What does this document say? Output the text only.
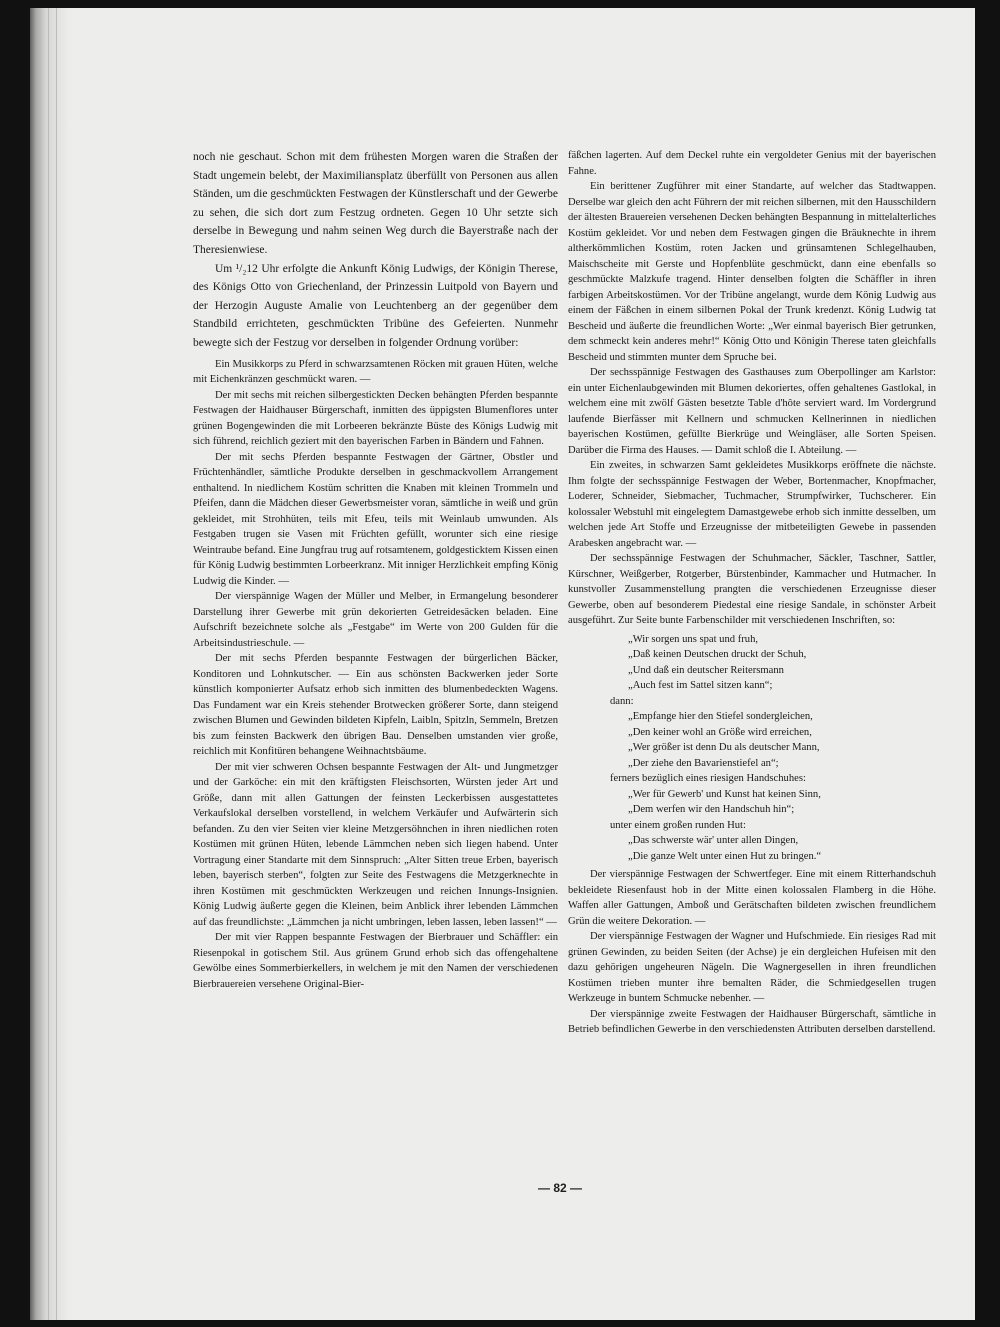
noch nie geschaut. Schon mit dem frühesten Morgen waren die Straßen der Stadt ungemein belebt, der Maximiliansplatz überfüllt von Personen aus allen Ständen, um die geschmückten Festwagen der Künstlerschaft und der Gewerbe zu sehen, die sich dort zum Festzug ordneten. Gegen 10 Uhr setzte sich derselbe in Bewegung und nahm seinen Weg durch die Bayerstraße nach der Theresienwiese.

Um ¹/₂12 Uhr erfolgte die Ankunft König Ludwigs, der Königin Therese, des Königs Otto von Griechenland, der Prinzessin Luitpold von Bayern und der Herzogin Auguste Amalie von Leuchtenberg an der gegenüber dem Standbild errichteten, geschmückten Tribüne des Gefeierten. Nunmehr bewegte sich der Festzug vor derselben in folgender Ordnung vorüber:

Ein Musikkorps zu Pferd in schwarzsamtenen Röcken mit grauen Hüten, welche mit Eichenkränzen geschmückt waren. —

Der mit sechs mit reichen silbergestickten Decken behängten Pferden bespannte Festwagen der Haidhauser Bürgerschaft, inmitten des üppigsten Blumenflores unter grünen Bogengewinden die mit Lorbeeren bekränzte Büste des Königs Ludwig mit sich führend, reichlich geziert mit den bayerischen Farben in Bändern und Fahnen.

Der mit sechs Pferden bespannte Festwagen der Gärtner, Obstler und Früchtenhändler, sämtliche Produkte derselben in geschmackvollem Arrangement enthaltend. In niedlichem Kostüm schritten die Knaben mit kleinen Trommeln und Pfeifen, dann die Mädchen dieser Gewerbsmeister voran, sämtliche in weiß und grün gekleidet, mit Strohhüten, teils mit Efeu, teils mit Weinlaub umwunden. Als Festgaben trugen sie Vasen mit Früchten gefüllt, worunter sich eine riesige Weintraube befand. Eine Jungfrau trug auf rotsamtenem, goldgesticktem Kissen einen für König Ludwig bestimmten Lorbeerkranz. Mit inniger Herzlichkeit empfing König Ludwig die Kinder. —

Der vierspännige Wagen der Müller und Melber, in Ermangelung besonderer Darstellung ihrer Gewerbe mit grün dekorierten Getreidesäcken beladen. Eine Aufschrift bezeichnete solche als „Festgabe“ im Werte von 200 Gulden für die Arbeitsindustrieschule. —

Der mit sechs Pferden bespannte Festwagen der bürgerlichen Bäcker, Konditoren und Lohnkutscher. — Ein aus schönsten Backwerken jeder Sorte künstlich komponierter Aufsatz erhob sich inmitten des blumenbedeckten Wagens. Das Fundament war ein Kreis stehender Brotwecken größerer Sorte, dann steigend zwischen Blumen und Gewinden bildeten Kipfeln, Laibln, Spitzln, Semmeln, Bretzen bis zum feinsten Backwerk den übrigen Bau. Denselben umstanden vier große, reichlich mit Konfitüren behangene Weihnachtsbäume.

Der mit vier schweren Ochsen bespannte Festwagen der Alt- und Jungmetzger und der Garköche: ein mit den kräftigsten Fleischsorten, Würsten jeder Art und Größe, dann mit allen Gattungen der feinsten Leckerbissen ausgestattetes Verkaufslokal derselben vorstellend, in welchem Verkäufer und Aufwärterin sich befanden. Zu den vier Seiten vier kleine Metzgersöhnchen in ihren niedlichen roten Kostümen mit grünen Hüten, lebende Lämmchen neben sich liegen habend. Unter Vortragung einer Standarte mit dem Sinnspruch: „Alter Sitten treue Erben, bayerisch leben, bayerisch sterben“, folgten zur Seite des Festwagens die Metzgerknechte in ihren Kostümen mit geschmückten Werkzeugen und reichen Innungs-Insignien. König Ludwig äußerte gegen die Kleinen, beim Anblick ihrer lebenden Lämmchen auf das freundlichste: „Lämmchen ja nicht umbringen, leben lassen, leben lassen!“ —

Der mit vier Rappen bespannte Festwagen der Bierbrauer und Schäffler: ein Riesenpokal in gotischem Stil. Aus grünem Grund erhob sich das offengehaltene Gewölbe eines Sommerbierkellers, in welchem je mit den Namen der verschiedenen Bierbrauereien versehene Original-Bier-

fäßchen lagerten. Auf dem Deckel ruhte ein vergoldeter Genius mit der bayerischen Fahne.

Ein berittener Zugführer mit einer Standarte, auf welcher das Stadtwappen. Derselbe war gleich den acht Führern der mit reichen silbernen, mit den Hausschildern der ältesten Brauereien versehenen Decken behängten Bespannung in mittelalterliches Kostüm gekleidet. Vor und neben dem Festwagen gingen die Bräuknechte in ihrem altherkömmlichen Kostüm, roten Jacken und grünsamtenen Schlegelhauben, Maischscheite mit Gerste und Hopfenblüte geschmückt, dann eine ebenfalls so geschmückte Malzkufe tragend. Hinter denselben folgten die Schäffler in ihren farbigen Arbeitskostümen. Vor der Tribüne angelangt, wurde dem König Ludwig aus einem der Fäßchen in einem silbernen Pokal der Trunk kredenzt. König Ludwig tat Bescheid und äußerte die freundlichen Worte: „Wer einmal bayerisch Bier getrunken, dem schmeckt kein anderes mehr!“ König Otto und Königin Therese taten gleichfalls Bescheid und stimmten munter dem Spruche bei.

Der sechsspännige Festwagen des Gasthauses zum Oberpollinger am Karlstor: ein unter Eichenlaubgewinden mit Blumen dekoriertes, offen gehaltenes Gastlokal, in welchem eine mit zwölf Gästen besetzte Table d'hôte serviert ward. Im Vordergrund laufende Bierfässer mit Kellnern und schmucken Kellnerinnen in niedlichen bayerischen Kostümen, gefüllte Bierkrüge und Weingläser, alle Sorten Speisen. Darüber die Firma des Hauses. — Damit schloß die I. Abteilung. —

Ein zweites, in schwarzen Samt gekleidetes Musikkorps eröffnete die nächste. Ihm folgte der sechsspännige Festwagen der Weber, Bortenmacher, Knopfmacher, Loderer, Schneider, Siebmacher, Tuchmacher, Strumpfwirker, Tuchscherer. Ein kolossaler Webstuhl mit eingelegtem Damastgewebe erhob sich inmitte desselben, um welchen jede Art Stoffe und Erzeugnisse der mitbeteiligten Gewebe in passenden Arabesken angebracht war. —

Der sechsspännige Festwagen der Schuhmacher, Säckler, Taschner, Sattler, Kürschner, Weißgerber, Rotgerber, Bürstenbinder, Kammacher und Hutmacher. In kunstvoller Zusammenstellung prangten die verschiedenen Erzeugnisse dieser Gewerbe, oben auf besonderem Piedestal eine riesige Sandale, in schönster Arbeit ausgeführt. Zur Seite bunte Farbenschilder mit verschiedenen Inschriften, so:

„Wir sorgen uns spat und fruh,
„Daß keinen Deutschen druckt der Schuh,
„Und daß ein deutscher Reitersmann
„Auch fest im Sattel sitzen kann“;
dann:
„Empfange hier den Stiefel sondergleichen,
„Den keiner wohl an Größe wird erreichen,
„Wer größer ist denn Du als deutscher Mann,
„Der ziehe den Bavarienstiefel an“;
ferners bezüglich eines riesigen Handschuhes:
„Wer für Gewerb' und Kunst hat keinen Sinn,
„Dem werfen wir den Handschuh hin“;
unter einem großen runden Hut:
„Das schwerste wär' unter allen Dingen,
„Die ganze Welt unter einen Hut zu bringen.“

Der vierspännige Festwagen der Schwertfeger. Eine mit einem Ritterhandschuh bekleidete Riesenfaust hob in der Mitte einen kolossalen Flamberg in die Höhe. Waffen aller Gattungen, Amboß und Gerätschaften bildeten zwischen freundlichem Grün die weitere Dekoration. —

Der vierspännige Festwagen der Wagner und Hufschmiede. Ein riesiges Rad mit grünen Gewinden, zu beiden Seiten (der Achse) je ein dergleichen Hufeisen mit den dazu gehörigen ungeheuren Nägeln. Die Wagnergesellen in ihren freundlichen Kostümen trieben munter ihre bemalten Räder, die Schmiedgesellen trugen Werkzeuge in buntem Schmucke nebenher. —

Der vierspännige zweite Festwagen der Haidhauser Bürgerschaft, sämtliche in Betrieb befindlichen Gewerbe in den verschiedensten Attributen derselben darstellend.

— 82 —
